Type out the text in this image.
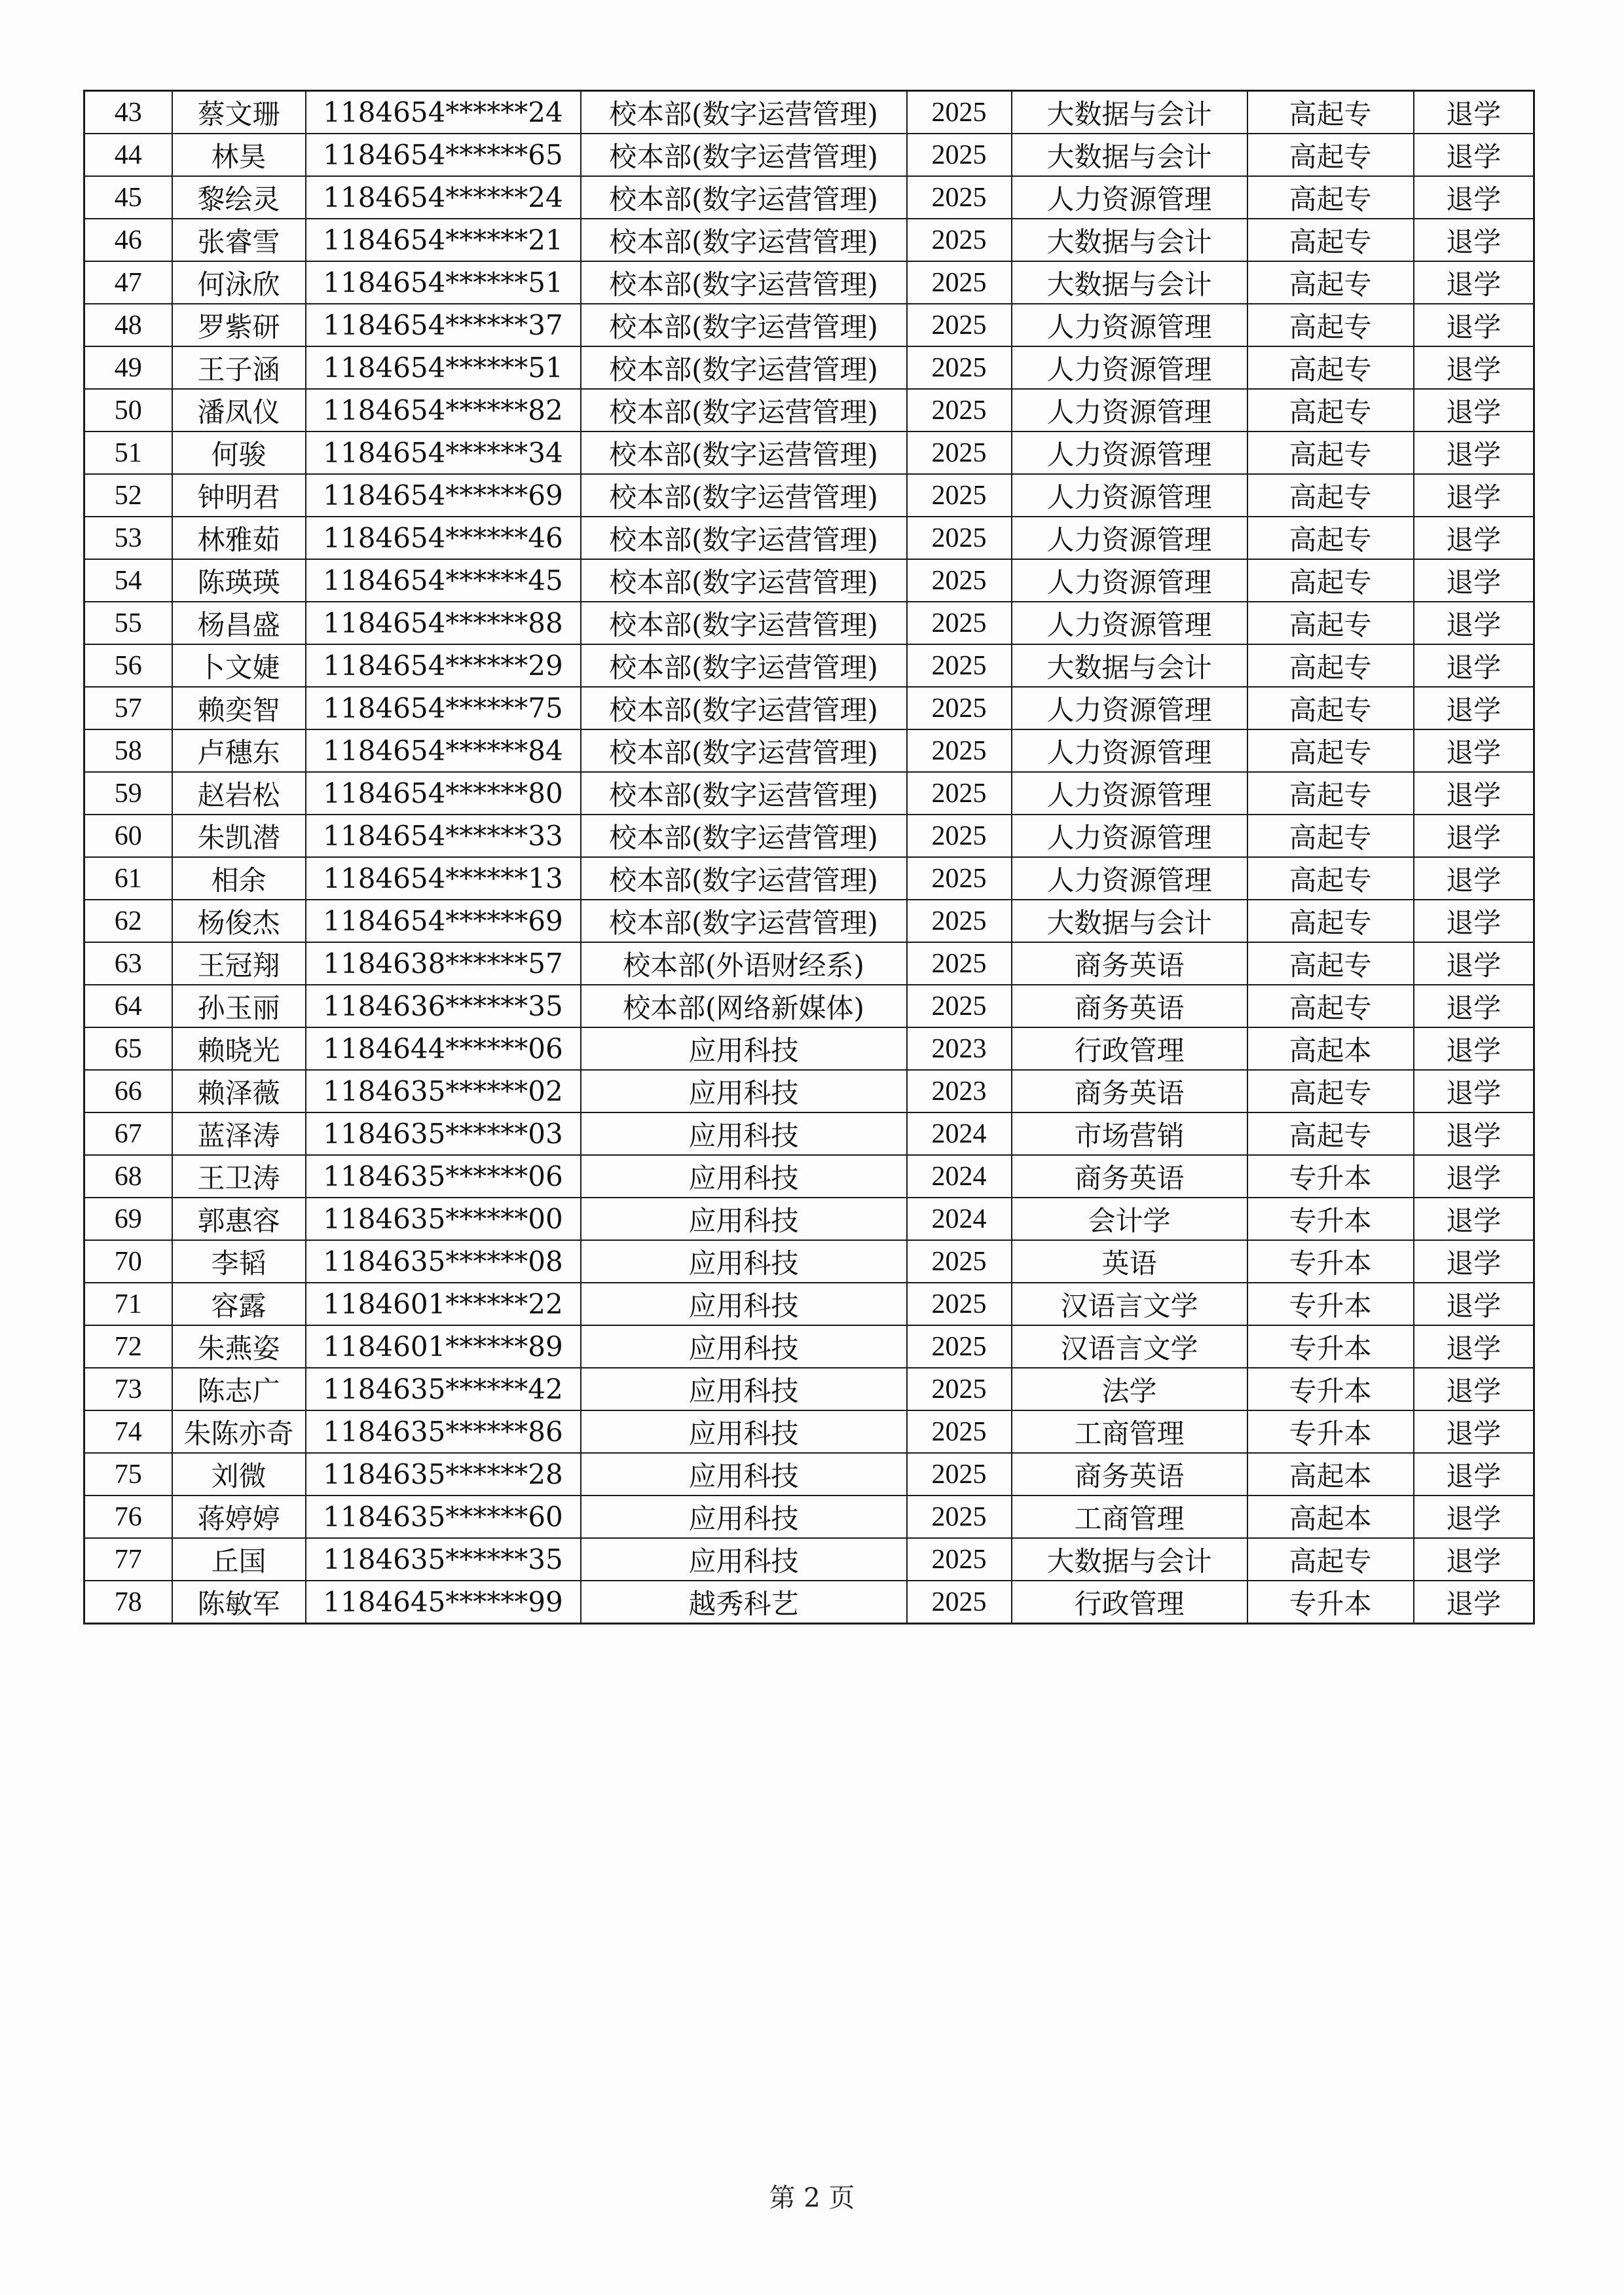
43	蔡文珊	1184654******24	校本部(数字运营管理)	2025	大数据与会计	高起专	退学
44	林昊	1184654******65	校本部(数字运营管理)	2025	大数据与会计	高起专	退学
45	黎绘灵	1184654******24	校本部(数字运营管理)	2025	人力资源管理	高起专	退学
46	张睿雪	1184654******21	校本部(数字运营管理)	2025	大数据与会计	高起专	退学
47	何泳欣	1184654******51	校本部(数字运营管理)	2025	大数据与会计	高起专	退学
48	罗紫研	1184654******37	校本部(数字运营管理)	2025	人力资源管理	高起专	退学
49	王子涵	1184654******51	校本部(数字运营管理)	2025	人力资源管理	高起专	退学
50	潘凤仪	1184654******82	校本部(数字运营管理)	2025	人力资源管理	高起专	退学
51	何骏	1184654******34	校本部(数字运营管理)	2025	人力资源管理	高起专	退学
52	钟明君	1184654******69	校本部(数字运营管理)	2025	人力资源管理	高起专	退学
53	林雅茹	1184654******46	校本部(数字运营管理)	2025	人力资源管理	高起专	退学
54	陈瑛瑛	1184654******45	校本部(数字运营管理)	2025	人力资源管理	高起专	退学
55	杨昌盛	1184654******88	校本部(数字运营管理)	2025	人力资源管理	高起专	退学
56	卜文婕	1184654******29	校本部(数字运营管理)	2025	大数据与会计	高起专	退学
57	赖奕智	1184654******75	校本部(数字运营管理)	2025	人力资源管理	高起专	退学
58	卢穗东	1184654******84	校本部(数字运营管理)	2025	人力资源管理	高起专	退学
59	赵岩松	1184654******80	校本部(数字运营管理)	2025	人力资源管理	高起专	退学
60	朱凯潜	1184654******33	校本部(数字运营管理)	2025	人力资源管理	高起专	退学
61	相余	1184654******13	校本部(数字运营管理)	2025	人力资源管理	高起专	退学
62	杨俊杰	1184654******69	校本部(数字运营管理)	2025	大数据与会计	高起专	退学
63	王冠翔	1184638******57	校本部(外语财经系)	2025	商务英语	高起专	退学
64	孙玉丽	1184636******35	校本部(网络新媒体)	2025	商务英语	高起专	退学
65	赖晓光	1184644******06	应用科技	2023	行政管理	高起本	退学
66	赖泽薇	1184635******02	应用科技	2023	商务英语	高起专	退学
67	蓝泽涛	1184635******03	应用科技	2024	市场营销	高起专	退学
68	王卫涛	1184635******06	应用科技	2024	商务英语	专升本	退学
69	郭惠容	1184635******00	应用科技	2024	会计学	专升本	退学
70	李韬	1184635******08	应用科技	2025	英语	专升本	退学
71	容露	1184601******22	应用科技	2025	汉语言文学	专升本	退学
72	朱燕姿	1184601******89	应用科技	2025	汉语言文学	专升本	退学
73	陈志广	1184635******42	应用科技	2025	法学	专升本	退学
74	朱陈亦奇	1184635******86	应用科技	2025	工商管理	专升本	退学
75	刘微	1184635******28	应用科技	2025	商务英语	高起本	退学
76	蒋婷婷	1184635******60	应用科技	2025	工商管理	高起本	退学
77	丘国	1184635******35	应用科技	2025	大数据与会计	高起专	退学
78	陈敏军	1184645******99	越秀科艺	2025	行政管理	专升本	退学
第 2 页
